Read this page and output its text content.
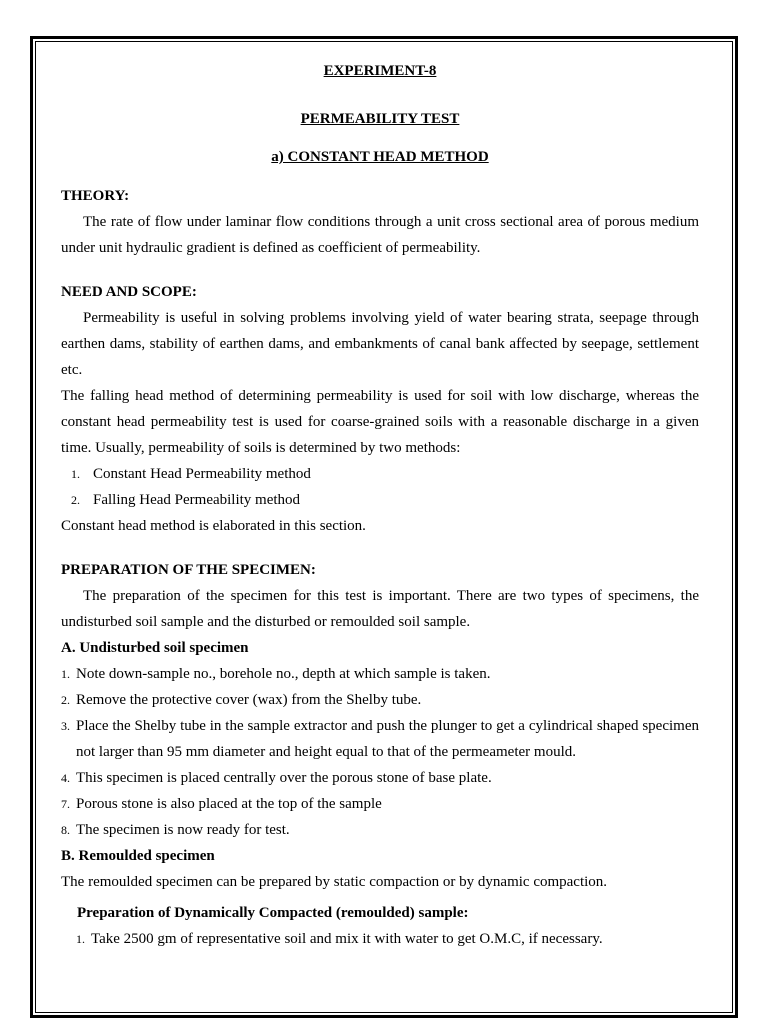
EXPERIMENT-8
PERMEABILITY TEST
a) CONSTANT HEAD METHOD
THEORY:

The rate of flow under laminar flow conditions through a unit cross sectional area of porous medium under unit hydraulic gradient is defined as coefficient of permeability.

NEED AND SCOPE:

Permeability is useful in solving problems involving yield of water bearing strata, seepage through earthen dams, stability of earthen dams, and embankments of canal bank affected by seepage, settlement etc.

The falling head method of determining permeability is used for soil with low discharge, whereas the constant head permeability test is used for coarse-grained soils with a reasonable discharge in a given time. Usually, permeability of soils is determined by two methods:

1. Constant Head Permeability method
2. Falling Head Permeability method

Constant head method is elaborated in this section.

PREPARATION OF THE SPECIMEN:

The preparation of the specimen for this test is important. There are two types of specimens, the undisturbed soil sample and the disturbed or remoulded soil sample.

A. Undisturbed soil specimen
1. Note down-sample no., borehole no., depth at which sample is taken.
2. Remove the protective cover (wax) from the Shelby tube.
3. Place the Shelby tube in the sample extractor and push the plunger to get a cylindrical shaped specimen not larger than 95 mm diameter and height equal to that of the permeameter mould.
4. This specimen is placed centrally over the porous stone of base plate.
7. Porous stone is also placed at the top of the sample
8. The specimen is now ready for test.
B. Remoulded specimen

The remoulded specimen can be prepared by static compaction or by dynamic compaction.

Preparation of Dynamically Compacted (remoulded) sample:
1. Take 2500 gm of representative soil and mix it with water to get O.M.C, if necessary.
